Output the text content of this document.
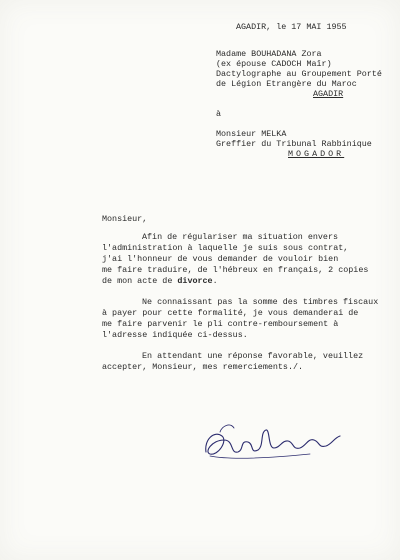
AGADIR, le 17 MAI 1955
Madame BOUHADANA Zora
(ex épouse CADOCH Maîr)
Dactylographe au Groupement Porté
de Légion Etrangère du Maroc
AGADIR
à
Monsieur MELKA
Greffier du Tribunal Rabbinique
MOGADOR
Monsieur,
Afin de régulariser ma situation envers
l'administration à laquelle je suis sous contrat,
j'ai l'honneur de vous demander de vouloir bien
me faire traduire, de l'hébreux en français, 2 copies
de mon acte de divorce.
Ne connaissant pas la somme des timbres fiscaux
à payer pour cette formalité, je vous demanderai de
me faire parvenir le pli contre-remboursement à
l'adresse indiquée ci-dessus.
En attendant une réponse favorable, veuillez
accepter, Monsieur, mes remerciements./.
